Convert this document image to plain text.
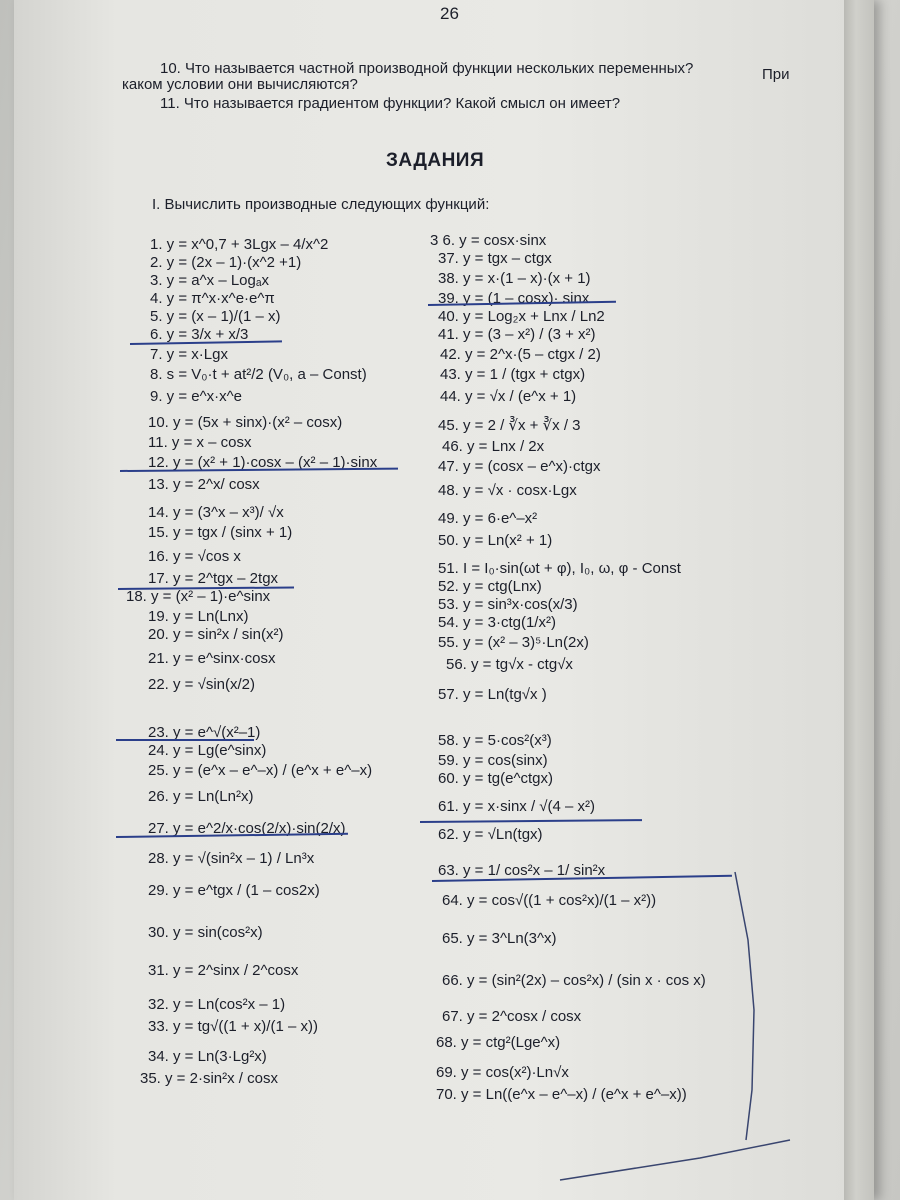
26
10. Что называется частной производной функции нескольких переменных?	При
каком условии они вычисляются?
11. Что называется градиентом функции? Какой смысл он имеет?
ЗАДАНИЯ
I. Вычислить производные следующих функций:
1. y = x^0,7 + 3Lgx – 4/x^2
2. y = (2x – 1)·(x^2 +1)
3. y = a^x – Logₐx
4. y = π^x·x^e·e^π
5. y = (x – 1)/(1 – x)
6. y = 3/x + x/3
7. y = x·Lgx
8. s = V₀·t + at²/2 (V₀, a – Const)
9. y = e^x·x^e
10. y = (5x + sinx)·(x² – cosx)
11. y = x – cosx
12. y = (x² + 1)·cosx – (x² – 1)·sinx
13. y = 2^x/ cosx
14. y = (3^x – x³)/ √x
15. y = tgx / (sinx + 1)
16. y = √cos x
17. y = 2^tgx – 2tgx
18. y = (x² – 1)·e^sinx
19. y = Ln(Lnx)
20. y = sin²x / sin(x²)
21. y = e^sinx·cosx
22. y = √sin(x/2)
23. y = e^√(x²–1)
24. y = Lg(e^sinx)
25. y = (e^x – e^–x) / (e^x + e^–x)
26. y = Ln(Ln²x)
27. y = e^2/x·cos(2/x)·sin(2/x)
28. y = √(sin²x – 1) / Ln³x
29. y = e^tgx / (1 – cos2x)
30. y = sin(cos²x)
31. y = 2^sinx / 2^cosx
32. y = Ln(cos²x – 1)
33. y = tg√((1 + x)/(1 – x))
34. y = Ln(3·Lg²x)
35. y = 2·sin²x / cosx
3 6. y = cosx·sinx
37. y = tgx – ctgx
38. y = x·(1 – x)·(x + 1)
39. y = (1 – cosx)· sinx
40. y = Log₂x + Lnx / Ln2
41. y = (3 – x²) / (3 + x²)
42. y = 2^x·(5 – ctgx / 2)
43. y = 1 / (tgx + ctgx)
44. y = √x / (e^x + 1)
45. y = 2 / ∛x + ∛x / 3
46. y = Lnx / 2x
47. y = (cosx – e^x)·ctgx
48. y = √x · cosx·Lgx
49. y = 6·e^–x²
50. y = Ln(x² + 1)
51. I = I₀·sin(ωt + φ), I₀, ω, φ - Const
52. y = ctg(Lnx)
53. y = sin³x·cos(x/3)
54. y = 3·ctg(1/x²)
55. y = (x² – 3)⁵·Ln(2x)
56. y = tg√x - ctg√x
57. y = Ln(tg√x )
58. y = 5·cos²(x³)
59. y = cos(sinx)
60. y = tg(e^ctgx)
61. y = x·sinx / √(4 – x²)
62. y = √Ln(tgx)
63. y = 1/ cos²x – 1/ sin²x
64. y = cos√((1 + cos²x)/(1 – x²))
65. y = 3^Ln(3^x)
66. y = (sin²(2x) – cos²x) / (sin x · cos x)
67. y = 2^cosx / cosx
68. y = ctg²(Lge^x)
69. y = cos(x²)·Ln√x
70. y = Ln((e^x – e^–x) / (e^x + e^–x))
